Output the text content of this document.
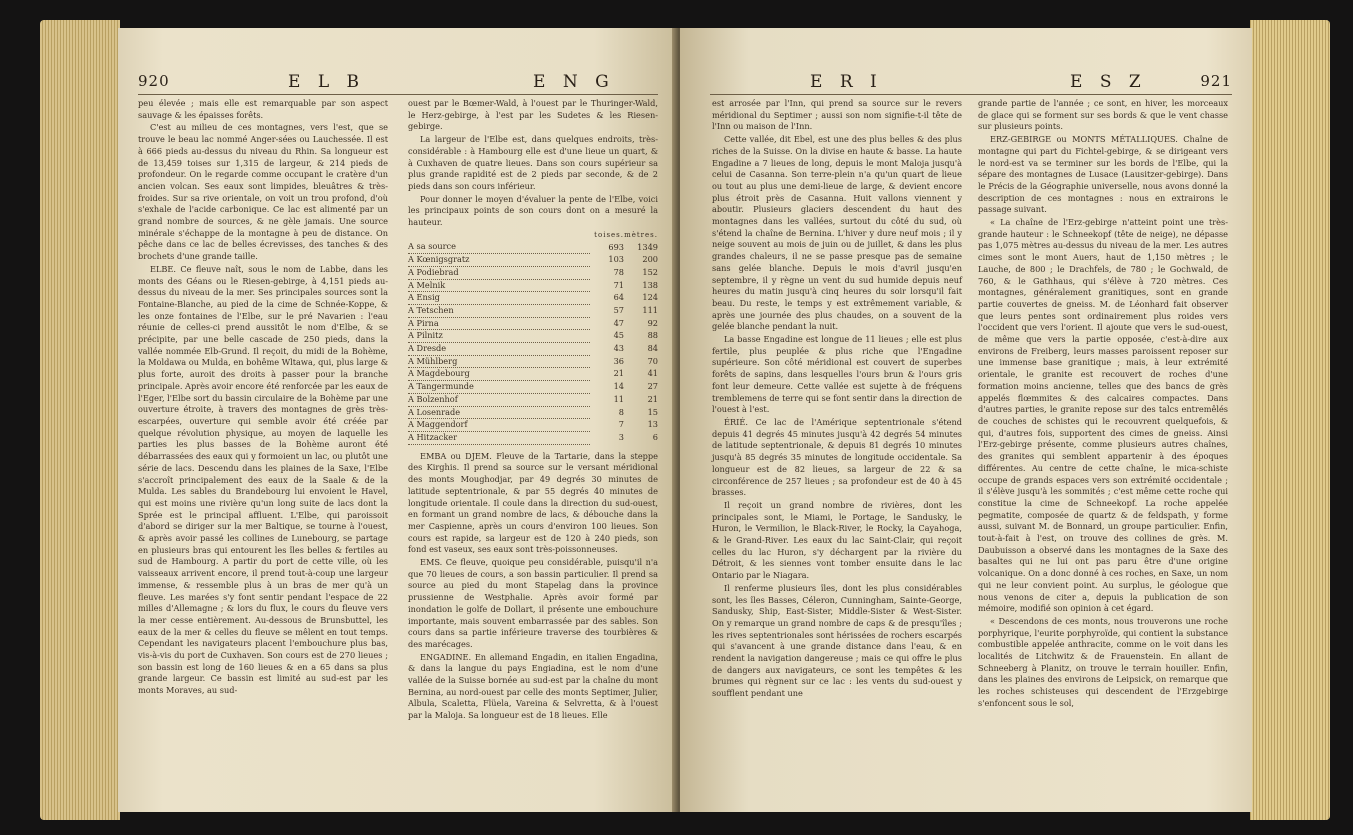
920	E L B	E N G

peu élevée ; mais elle est remarquable par son aspect sauvage & les épaisses forêts.

C'est au milieu de ces montagnes, vers l'est, que se trouve le beau lac nommé Anger-sées ou Lauchessée. Il est à 666 pieds au-dessus du niveau du Rhin. Sa longueur est de 13,459 toises sur 1,315 de largeur, & 214 pieds de profondeur. On le regarde comme occupant le cratère d'un ancien volcan. Ses eaux sont limpides, bleuâtres & très-froides. Sur sa rive orientale, on voit un trou profond, d'où s'exhale de l'acide carbonique. Ce lac est alimenté par un grand nombre de sources, & ne gèle jamais. Une source minérale s'échappe de la montagne à peu de distance. On pêche dans ce lac de belles écrevisses, des tanches & des brochets d'une grande taille.

ELBE. Ce fleuve naît, sous le nom de Labbe, dans les monts des Géans ou le Riesen-gebirge, à 4,151 pieds au-dessus du niveau de la mer. Ses principales sources sont la Fontaine-Blanche, au pied de la cime de Schnée-Koppe, & les onze fontaines de l'Elbe, sur le pré Navarien : l'eau réunie de celles-ci prend aussitôt le nom d'Elbe, & se précipite, par une belle cascade de 250 pieds, dans la vallée nommée Elb-Grund. Il reçoit, du midi de la Bohème, la Moldawa ou Mulda, en bohême Wltawa, qui, plus large & plus forte, auroit des droits à passer pour la branche principale. Après avoir encore été renforcée par les eaux de l'Eger, l'Elbe sort du bassin circulaire de la Bohème par une ouverture étroite, à travers des montagnes de grès très-escarpées, ouverture qui semble avoir été créée par quelque révolution physique, au moyen de laquelle les parties les plus basses de la Bohème auront été débarrassées des eaux qui y formoient un lac, ou plutôt une série de lacs. Descendu dans les plaines de la Saxe, l'Elbe s'accroît principalement des eaux de la Saale & de la Mulda. Les sables du Brandebourg lui envoient le Havel, qui est moins une rivière qu'un long suite de lacs dont la Sprée est le principal affluent. L'Elbe, qui paroissoit d'abord se diriger sur la mer Baltique, se tourne à l'ouest, & après avoir passé les collines de Lunebourg, se partage en plusieurs bras qui entourent les îles belles & fertiles au sud de Hambourg. A partir du port de cette ville, où les vaisseaux arrivent encore, il prend tout-à-coup une largeur immense, & ressemble plus à un bras de mer qu'à un fleuve. Les marées s'y font sentir pendant l'espace de 22 milles d'Allemagne ; & lors du flux, le cours du fleuve vers la mer cesse entièrement. Au-dessous de Brunsbuttel, les eaux de la mer & celles du fleuve se mêlent en tout temps. Cependant les navigateurs placent l'embouchure plus bas, vis-à-vis du port de Cuxhaven. Son cours est de 270 lieues ; son bassin est long de 160 lieues & en a 65 dans sa plus grande largeur. Ce bassin est limité au sud-est par les monts Moraves, au sud-

ouest par le Bœmer-Wald, à l'ouest par le Thuringer-Wald, le Herz-gebirge, à l'est par les Sudetes & les Riesen-gebirge.

La largeur de l'Elbe est, dans quelques endroits, très-considérable : à Hambourg elle est d'une lieue un quart, & à Cuxhaven de quatre lieues. Dans son cours supérieur sa plus grande rapidité est de 2 pieds par seconde, & de 2 pieds dans son cours inférieur.

Pour donner le moyen d'évaluer la pente de l'Elbe, voici les principaux points de son cours dont on a mesuré la hauteur.

	toises.	mètres.
A sa source	693	1349
A Kœnigsgratz	103	200
A Podiebrad	78	152
A Melnik	71	138
A Ensig	64	124
A Tetschen	57	111
A Pirna	47	92
A Pilnitz	45	88
A Dresde	43	84
A Mühlberg	36	70
A Magdebourg	21	41
A Tangermunde	14	27
A Bolzenhof	11	21
A Losenrade	8	15
A Maggendorf	7	13
A Hitzacker	3	6

EMBA ou DJEM. Fleuve de la Tartarie, dans la steppe des Kirghis. Il prend sa source sur le versant méridional des monts Moughodjar, par 49 degrés 30 minutes de latitude septentrionale, & par 55 degrés 40 minutes de longitude orientale. Il coule dans la direction du sud-ouest, en formant un grand nombre de lacs, & débouche dans la mer Caspienne, après un cours d'environ 100 lieues. Son cours est rapide, sa largeur est de 120 à 240 pieds, son fond est vaseux, ses eaux sont très-poissonneuses.

EMS. Ce fleuve, quoique peu considérable, puisqu'il n'a que 70 lieues de cours, a son bassin particulier. Il prend sa source au pied du mont Stapelag dans la province prussienne de Westphalie. Après avoir formé par inondation le golfe de Dollart, il présente une embouchure importante, mais souvent embarrassée par des sables. Son cours dans sa partie inférieure traverse des tourbières & des marécages.

ENGADINE. En allemand Engadin, en italien Engadina, & dans la langue du pays Engiadina, est le nom d'une vallée de la Suisse bornée au sud-est par la chaîne du mont Bernina, au nord-ouest par celle des monts Septimer, Julier, Albula, Scaletta, Flüela, Vareina & Selvretta, & à l'ouest par la Maloja. Sa longueur est de 18 lieues. Elle

E R I	E S Z	921

est arrosée par l'Inn, qui prend sa source sur le revers méridional du Septimer ; aussi son nom signifie-t-il tête de l'Inn ou maison de l'Inn.

Cette vallée, dit Ebel, est une des plus belles & des plus riches de la Suisse. On la divise en haute & basse. La haute Engadine a 7 lieues de long, depuis le mont Maloja jusqu'à celui de Casanna. Son terre-plein n'a qu'un quart de lieue ou tout au plus une demi-lieue de large, & devient encore plus étroit près de Casanna. Huit vallons viennent y aboutir. Plusieurs glaciers descendent du haut des montagnes dans les vallées, surtout du côté du sud, où s'étend la chaîne de Bernina. L'hiver y dure neuf mois ; il y neige souvent au mois de juin ou de juillet, & dans les plus grandes chaleurs, il ne se passe presque pas de semaine sans gelée blanche. Depuis le mois d'avril jusqu'en septembre, il y règne un vent du sud humide depuis neuf heures du matin jusqu'à cinq heures du soir lorsqu'il fait beau. Du reste, le temps y est extrêmement variable, & après une journée des plus chaudes, on a souvent de la gelée blanche pendant la nuit.

La basse Engadine est longue de 11 lieues ; elle est plus fertile, plus peuplée & plus riche que l'Engadine supérieure. Son côté méridional est couvert de superbes forêts de sapins, dans lesquelles l'ours brun & l'ours gris font leur demeure. Cette vallée est sujette à de fréquens tremblemens de terre qui se font sentir dans la direction de l'ouest à l'est.

ÉRIÉ. Ce lac de l'Amérique septentrionale s'étend depuis 41 degrés 45 minutes jusqu'à 42 degrés 54 minutes de latitude septentrionale, & depuis 81 degrés 10 minutes jusqu'à 85 degrés 35 minutes de longitude occidentale. Sa longueur est de 82 lieues, sa largeur de 22 & sa circonférence de 257 lieues ; sa profondeur est de 40 à 45 brasses.

Il reçoit un grand nombre de rivières, dont les principales sont, le Miami, le Portage, le Sandusky, le Huron, le Vermilion, le Black-River, le Rocky, la Cayahoga, & le Grand-River. Les eaux du lac Saint-Clair, qui reçoit celles du lac Huron, s'y déchargent par la rivière du Détroit, & les siennes vont tomber ensuite dans le lac Ontario par le Niagara.

Il renferme plusieurs îles, dont les plus considérables sont, les îles Basses, Céleron, Cunningham, Sainte-George, Sandusky, Ship, East-Sister, Middle-Sister & West-Sister. On y remarque un grand nombre de caps & de presqu'îles ; les rives septentrionales sont hérissées de rochers escarpés qui s'avancent à une grande distance dans l'eau, & en rendent la navigation dangereuse ; mais ce qui offre le plus de dangers aux navigateurs, ce sont les tempêtes & les brumes qui règnent sur ce lac : les vents du sud-ouest y soufflent pendant une

grande partie de l'année ; ce sont, en hiver, les morceaux de glace qui se forment sur ses bords & que le vent chasse sur plusieurs points.

ERZ-GEBIRGE ou MONTS MÉTALLIQUES. Chaîne de montagne qui part du Fichtel-gebirge, & se dirigeant vers le nord-est va se terminer sur les bords de l'Elbe, qui la sépare des montagnes de Lusace (Lausitzer-gebirge). Dans le Précis de la Géographie universelle, nous avons donné la description de ces montagnes : nous en extrairons le passage suivant.

« La chaîne de l'Erz-gebirge n'atteint point une très-grande hauteur : le Schneekopf (tête de neige), ne dépasse pas 1,075 mètres au-dessus du niveau de la mer. Les autres cimes sont le mont Auers, haut de 1,150 mètres ; le Lauche, de 800 ; le Drachfels, de 780 ; le Gochwald, de 760, & le Gathhaus, qui s'élève à 720 mètres. Ces montagnes, généralement granitiques, sont en grande partie couvertes de gneiss. M. de Léonhard fait observer que leurs pentes sont ordinairement plus roides vers l'occident que vers l'orient. Il ajoute que vers le sud-ouest, de même que vers la partie opposée, c'est-à-dire aux environs de Freiberg, leurs masses paroissent reposer sur une immense base granitique ; mais, à leur extrémité orientale, le granite est recouvert de roches d'une formation moins ancienne, telles que des bancs de grès appelés flœmmites & des calcaires compactes. Dans d'autres parties, le granite repose sur des talcs entremêlés de couches de schistes qui le recouvrent quelquefois, & qui, d'autres fois, supportent des cimes de gneiss. Ainsi l'Erz-gebirge présente, comme plusieurs autres chaînes, des granites qui semblent appartenir à des époques différentes. Au centre de cette chaîne, le mica-schiste occupe de grands espaces vers son extrémité occidentale ; il s'élève jusqu'à les sommités ; c'est même cette roche qui constitue la cime de Schneekopf. La roche appelée pegmatite, composée de quartz & de feldspath, y forme aussi, suivant M. de Bonnard, un groupe particulier. Enfin, tout-à-fait à l'est, on trouve des collines de grès. M. Daubuisson a observé dans les montagnes de la Saxe des basaltes qui ne lui ont pas paru être d'une origine volcanique. On a donc donné à ces roches, en Saxe, un nom qui ne leur convient point. Au surplus, le géologue que nous venons de citer a, depuis la publication de son mémoire, modifié son opinion à cet égard.

« Descendons de ces monts, nous trouverons une roche porphyrique, l'eurite porphyroïde, qui contient la substance combustible appelée anthracite, comme on le voit dans les localités de Litchwitz & de Frauenstein. En allant de Schneeberg à Planitz, on trouve le terrain houiller. Enfin, dans les plaines des environs de Leipsick, on remarque que les roches schisteuses qui descendent de l'Erzgebirge s'enfoncent sous le sol,
